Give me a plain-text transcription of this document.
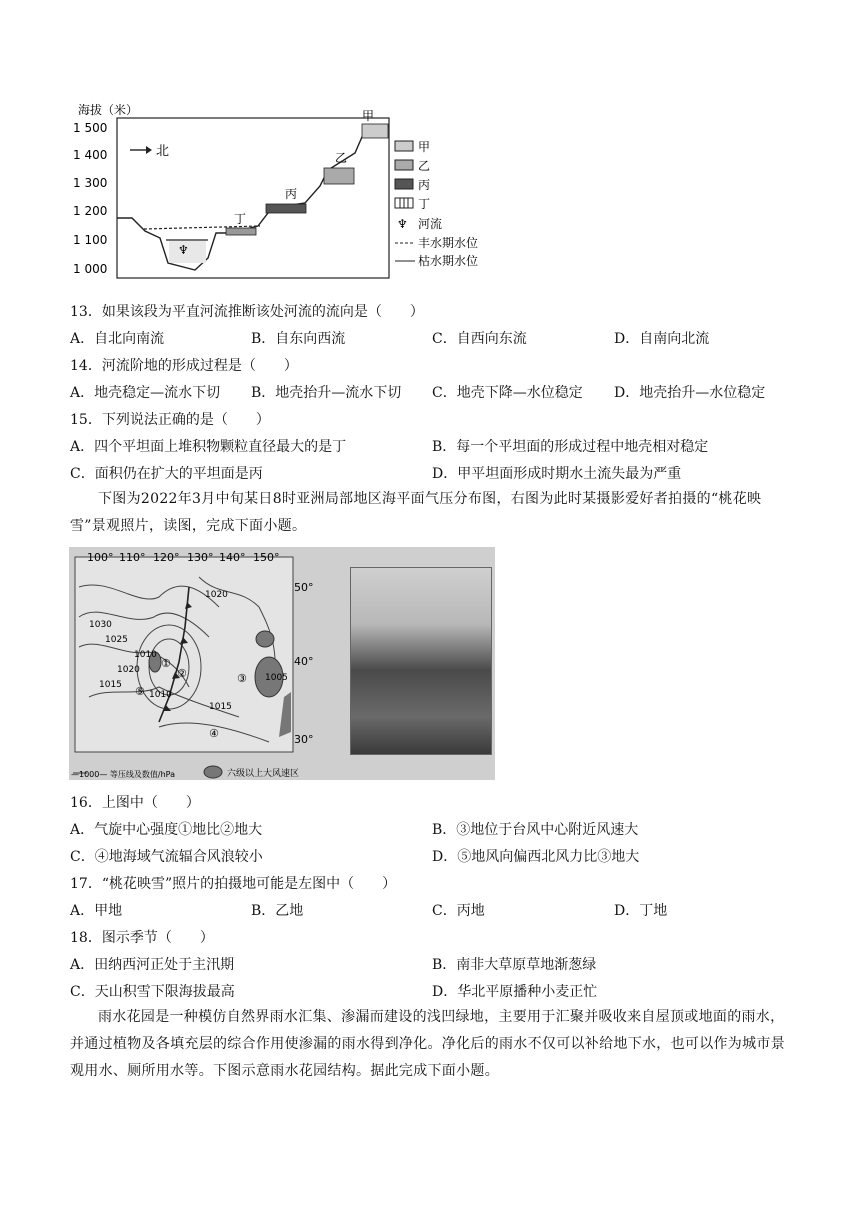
海拔（米）
1 500
1 400
1 300
1 200
1 100
1 000
北
丁
丙
乙
甲
♆
甲
乙
丙
丁
♆ 河流
丰水期水位
枯水期水位
13．如果该段为平直河流推断该处河流的流向是（　　）
A．自北向南流	B．自东向西流	C．自西向东流	D．自南向北流
14．河流阶地的形成过程是（　　）
A．地壳稳定—流水下切 B．地壳抬升—流水下切 C．地壳下降—水位稳定 D．地壳抬升—水位稳定
15．下列说法正确的是（　　）
A．四个平坦面上堆积物颗粒直径最大的是丁	B．每一个平坦面的形成过程中地壳相对稳定
C．面积仍在扩大的平坦面是丙	D．甲平坦面形成时期水土流失最为严重
下图为2022年3月中旬某日8时亚洲局部地区海平面气压分布图，右图为此时某摄影爱好者拍摄的“桃花映雪”景观照片，读图，完成下面小题。
100° 110° 120° 130° 140° 150°
50°
40°
30°
1020
1030
1025
1020
1015
1010
1015
1005
1010
①
②	③
④
⑤
—1000— 等压线及数值/hPa	六级以上大风速区
16．上图中（　　）
A．气旋中心强度①地比②地大	B．③地位于台风中心附近风速大
C．④地海域气流辐合风浪较小	D．⑤地风向偏西北风力比③地大
17．“桃花映雪”照片的拍摄地可能是左图中（　　）
A．甲地	B．乙地	C．丙地	D．丁地
18．图示季节（　　）
A．田纳西河正处于主汛期	B．南非大草原草地渐葱绿
C．天山积雪下限海拔最高	D．华北平原播种小麦正忙
雨水花园是一种模仿自然界雨水汇集、渗漏而建设的浅凹绿地，主要用于汇聚并吸收来自屋顶或地面的雨水，并通过植物及各填充层的综合作用使渗漏的雨水得到净化。净化后的雨水不仅可以补给地下水，也可以作为城市景观用水、厕所用水等。下图示意雨水花园结构。据此完成下面小题。
